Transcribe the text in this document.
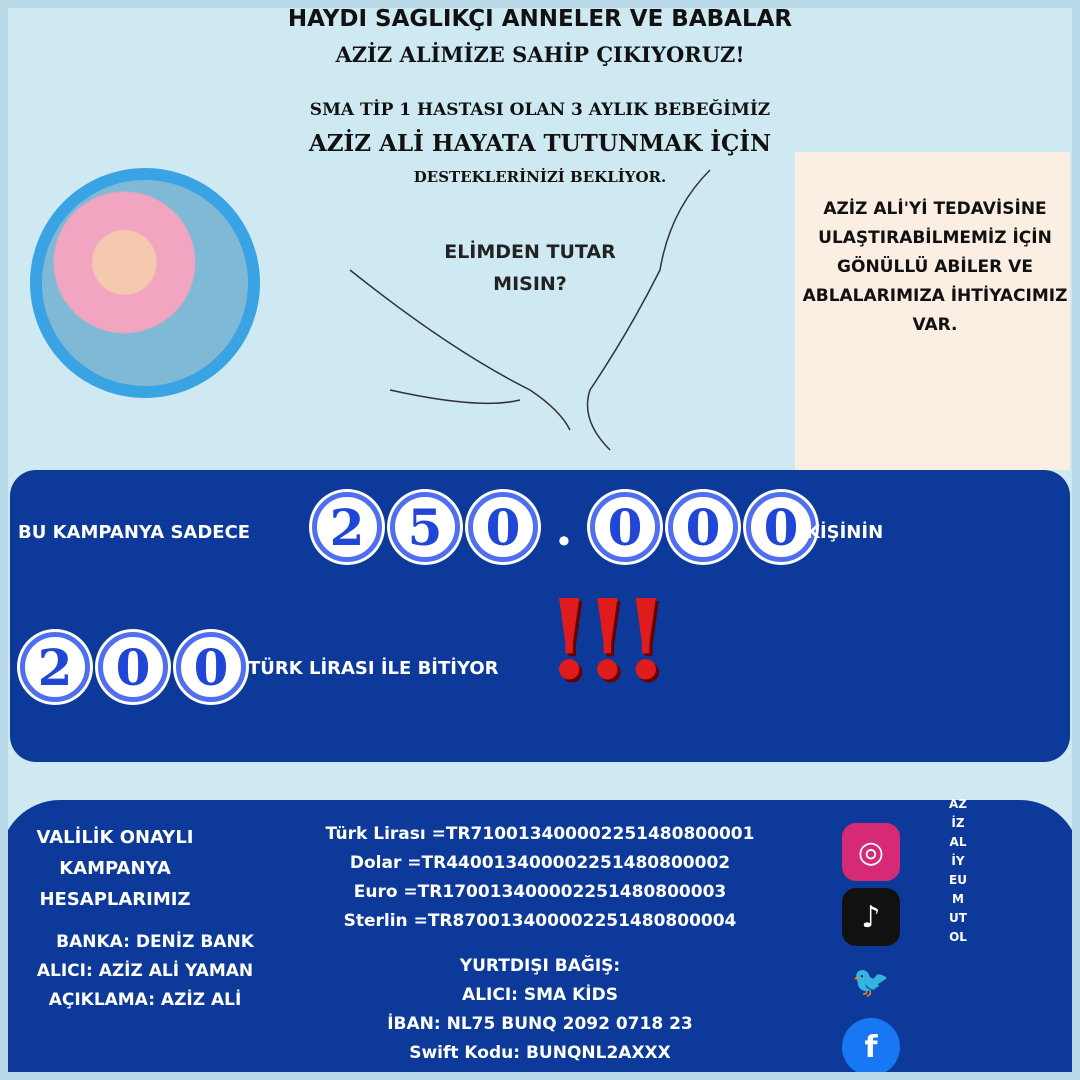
HAYDİ SAĞLIKÇI ANNELER VE BABALAR
AZİZ ALİMİZE SAHİP ÇIKIYORUZ!
SMA TİP 1 HASTASI OLAN 3 AYLIK BEBEĞİMİZ
AZİZ ALİ HAYATA TUTUNMAK İÇİN
DESTEKLERİNİZİ BEKLİYOR.
ELİMDEN TUTAR MISIN?
AZİZ ALİ'Yİ TEDAVİSİNE ULAŞTIRABİLMEMİZ İÇİN GÖNÜLLÜ ABİLER VE ABLALARIMIZA İHTİYACIMIZ VAR.
BU KAMPANYA SADECE	2 5 0 . 0 0 0 KİŞİNİN
2 0 0	TÜRK LİRASI İLE BİTİYOR !!!
VALİLİK ONAYLI KAMPANYA HESAPLARIMIZ
BANKA: DENİZ BANK
ALICI: AZİZ ALİ YAMAN
AÇIKLAMA: AZİZ ALİ
Türk Lirası =TR710013400002251480800001
Dolar =TR440013400002251480800002
Euro =TR170013400002251480800003
Sterlin =TR870013400002251480800004
YURTDIŞI BAĞIŞ:
ALICI: SMA KİDS
İBAN: NL75 BUNQ 2092 0718 23
Swift Kodu: BUNQNL2AXXX
◎
♪
🐦
f
AZİZALİYEUMUTOL
